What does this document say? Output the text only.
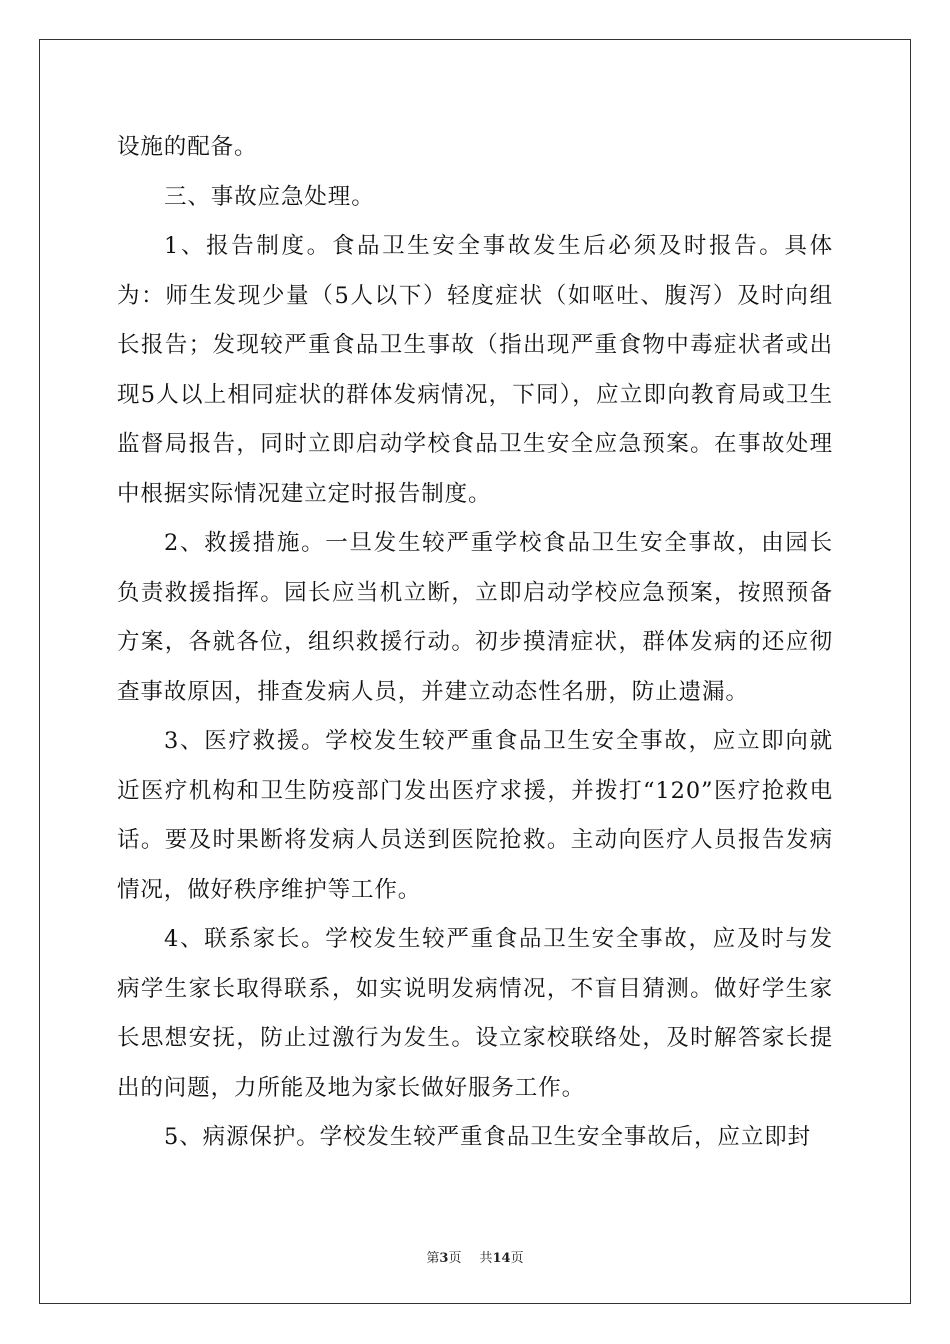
设施的配备。

三、事故应急处理。

1、报告制度。食品卫生安全事故发生后必须及时报告。具体为：师生发现少量（5人以下）轻度症状（如呕吐、腹泻）及时向组长报告；发现较严重食品卫生事故（指出现严重食物中毒症状者或出现5人以上相同症状的群体发病情况，下同），应立即向教育局或卫生监督局报告，同时立即启动学校食品卫生安全应急预案。在事故处理中根据实际情况建立定时报告制度。

2、救援措施。一旦发生较严重学校食品卫生安全事故，由园长负责救援指挥。园长应当机立断，立即启动学校应急预案，按照预备方案，各就各位，组织救援行动。初步摸清症状，群体发病的还应彻查事故原因，排查发病人员，并建立动态性名册，防止遗漏。

3、医疗救援。学校发生较严重食品卫生安全事故，应立即向就近医疗机构和卫生防疫部门发出医疗求援，并拨打“120”医疗抢救电话。要及时果断将发病人员送到医院抢救。主动向医疗人员报告发病情况，做好秩序维护等工作。

4、联系家长。学校发生较严重食品卫生安全事故，应及时与发病学生家长取得联系，如实说明发病情况，不盲目猜测。做好学生家长思想安抚，防止过激行为发生。设立家校联络处，及时解答家长提出的问题，力所能及地为家长做好服务工作。

5、病源保护。学校发生较严重食品卫生安全事故后，应立即封

第3页 共14页
